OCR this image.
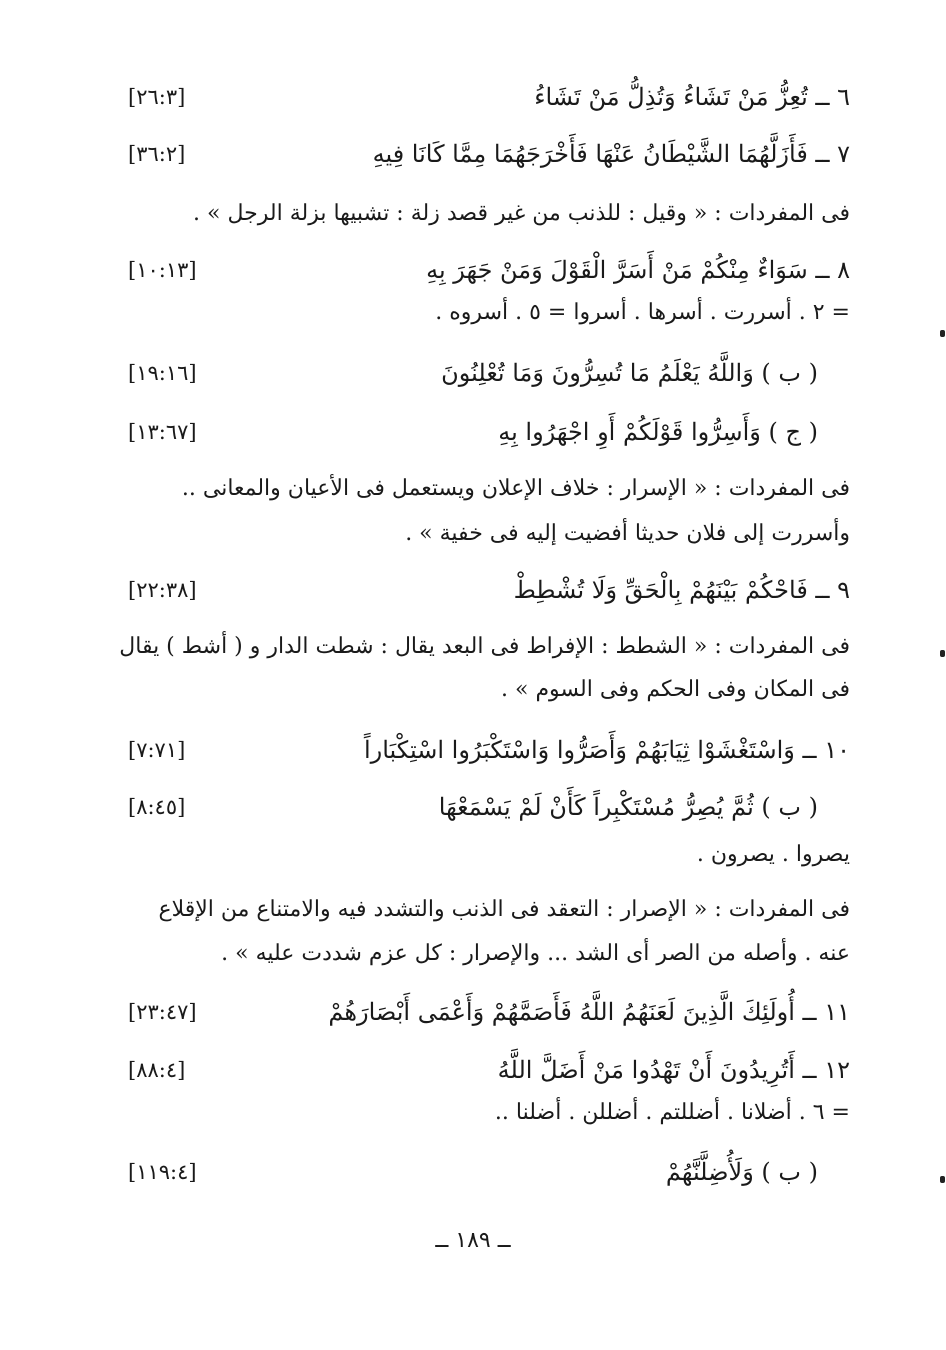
٦ ــ تُعِزُّ مَنْ تَشَاءُ وَتُذِلُّ مَنْ تَشَاءُ
[٢٦:٣]
٧ ــ فَأَزَلَّهُمَا الشَّيْطَانُ عَنْهَا فَأَخْرَجَهُمَا مِمَّا كَانَا فِيهِ
[٣٦:٢]
فى المفردات : « وقيل : للذنب من غير قصد زلة : تشبيها بزلة الرجل » .
٨ ــ سَوَاءٌ مِنْكُمْ مَنْ أَسَرَّ الْقَوْلَ وَمَنْ جَهَرَ بِهِ
[١٠:١٣]
= ٢ . أسررت . أسرها . أسروا = ٥ . أسروه .
( ب ) وَاللَّهُ يَعْلَمُ مَا تُسِرُّونَ وَمَا تُعْلِنُونَ
[١٩:١٦]
( ج ) وَأَسِرُّوا قَوْلَكُمْ أَوِ اجْهَرُوا بِهِ
[١٣:٦٧]
فى المفردات : « الإسرار : خلاف الإعلان ويستعمل فى الأعيان والمعانى ..
وأسررت إلى فلان حديثا أفضيت إليه فى خفية » .
٩ ــ فَاحْكُمْ بَيْنَهُمْ بِالْحَقِّ وَلَا تُشْطِطْ
[٢٢:٣٨]
فى المفردات : « الشطط : الإفراط فى البعد يقال : شطت الدار و ( أشط ) يقال
فى المكان وفى الحكم وفى السوم » .
١٠ ــ وَاسْتَغْشَوْا ثِيَابَهُمْ وَأَصَرُّوا وَاسْتَكْبَرُوا اسْتِكْبَاراً
[٧:٧١]
( ب ) ثُمَّ يُصِرُّ مُسْتَكْبِراً كَأَنْ لَمْ يَسْمَعْهَا
[٨:٤٥]
يصروا . يصرون .
فى المفردات : « الإصرار : التعقد فى الذنب والتشدد فيه والامتناع من الإقلاع
عنه . وأصله من الصر أى الشد ... والإصرار : كل عزم شددت عليه » .
١١ ــ أُولَئِكَ الَّذِينَ لَعَنَهُمُ اللَّهُ فَأَصَمَّهُمْ وَأَعْمَى أَبْصَارَهُمْ
[٢٣:٤٧]
١٢ ــ أَتُرِيدُونَ أَنْ تَهْدُوا مَنْ أَضَلَّ اللَّهُ
[٨٨:٤]
= ٦ . أضلانا . أضللتم . أضللن . أضلنا ..
( ب ) وَلَأُضِلَّنَّهُمْ
[١١٩:٤]
ــ ١٨٩ ــ
